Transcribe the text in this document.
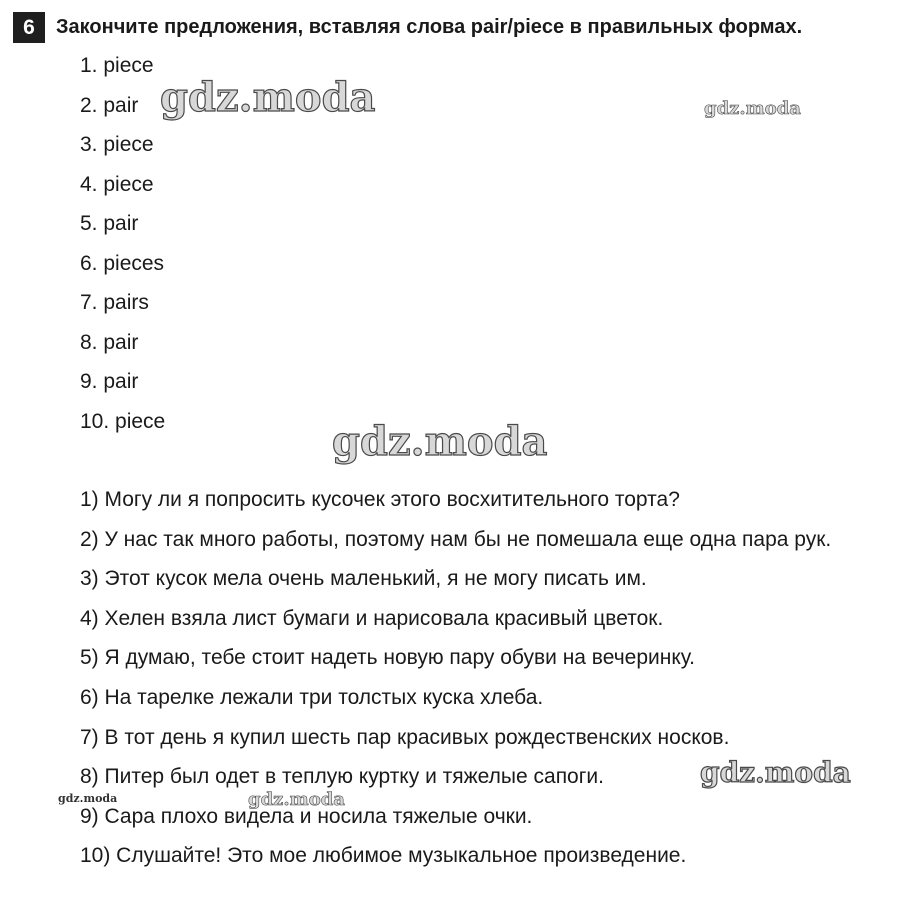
6	Закончите предложения, вставляя слова pair/piece в правильных формах.
1. piece
2. pair
3. piece
4. piece
5. pair
6. pieces
7. pairs
8. pair
9. pair
10. piece
1) Могу ли я попросить кусочек этого восхитительного торта?
2) У нас так много работы, поэтому нам бы не помешала еще одна пара рук.
3) Этот кусок мела очень маленький, я не могу писать им.
4) Хелен взяла лист бумаги и нарисовала красивый цветок.
5) Я думаю, тебе стоит надеть новую пару обуви на вечеринку.
6) На тарелке лежали три толстых куска хлеба.
7) В тот день я купил шесть пар красивых рождественских носков.
8) Питер был одет в теплую куртку и тяжелые сапоги.
9) Сара плохо видела и носила тяжелые очки.
10) Слушайте! Это мое любимое музыкальное произведение.
gdz.moda	gdz.moda
gdz.moda
gdz.moda
gdz.moda
gdz.moda
